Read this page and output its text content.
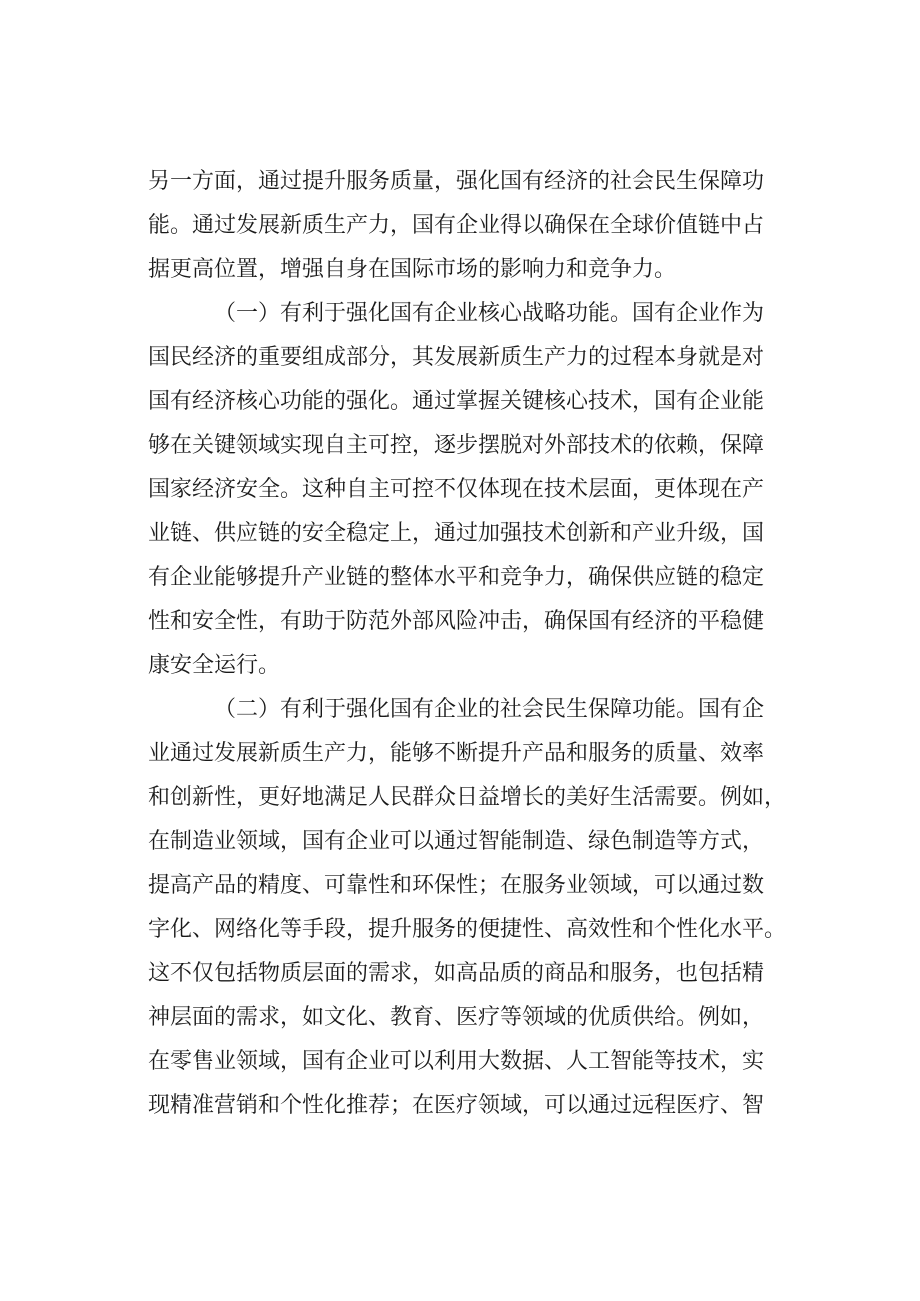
另一方面，通过提升服务质量，强化国有经济的社会民生保障功
能。通过发展新质生产力，国有企业得以确保在全球价值链中占
据更高位置，增强自身在国际市场的影响力和竞争力。
（一）有利于强化国有企业核心战略功能。国有企业作为
国民经济的重要组成部分，其发展新质生产力的过程本身就是对
国有经济核心功能的强化。通过掌握关键核心技术，国有企业能
够在关键领域实现自主可控，逐步摆脱对外部技术的依赖，保障
国家经济安全。这种自主可控不仅体现在技术层面，更体现在产
业链、供应链的安全稳定上，通过加强技术创新和产业升级，国
有企业能够提升产业链的整体水平和竞争力，确保供应链的稳定
性和安全性，有助于防范外部风险冲击，确保国有经济的平稳健
康安全运行。
（二）有利于强化国有企业的社会民生保障功能。国有企
业通过发展新质生产力，能够不断提升产品和服务的质量、效率
和创新性，更好地满足人民群众日益增长的美好生活需要。例如，
在制造业领域，国有企业可以通过智能制造、绿色制造等方式，
提高产品的精度、可靠性和环保性；在服务业领域，可以通过数
字化、网络化等手段，提升服务的便捷性、高效性和个性化水平。
这不仅包括物质层面的需求，如高品质的商品和服务，也包括精
神层面的需求，如文化、教育、医疗等领域的优质供给。例如，
在零售业领域，国有企业可以利用大数据、人工智能等技术，实
现精准营销和个性化推荐；在医疗领域，可以通过远程医疗、智
